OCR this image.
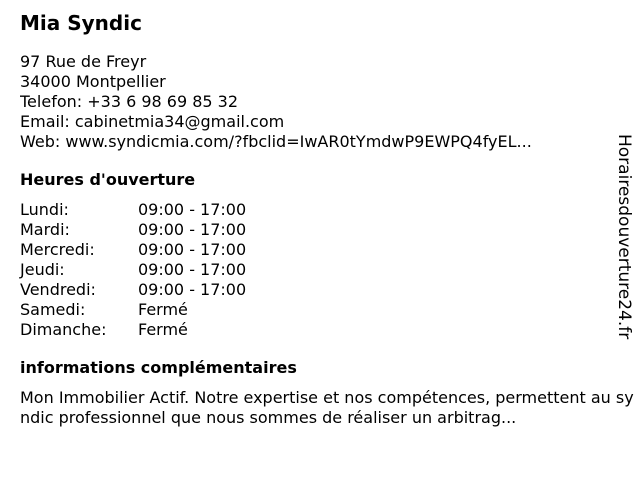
Mia Syndic
97 Rue de Freyr
34000 Montpellier
Telefon: +33 6 98 69 85 32
Email: cabinetmia34@gmail.com
Web: www.syndicmia.com/?fbclid=IwAR0tYmdwP9EWPQ4fyEL...
Heures d'ouverture
Lundi:	09:00 - 17:00
Mardi:	09:00 - 17:00
Mercredi:	09:00 - 17:00
Jeudi:	09:00 - 17:00
Vendredi:	09:00 - 17:00
Samedi:	Fermé
Dimanche:	Fermé
informations complémentaires
Mon Immobilier Actif. Notre expertise et nos compétences, permettent au syndic professionnel que nous sommes de réaliser un arbitrag...
Horairesdouverture24.fr
